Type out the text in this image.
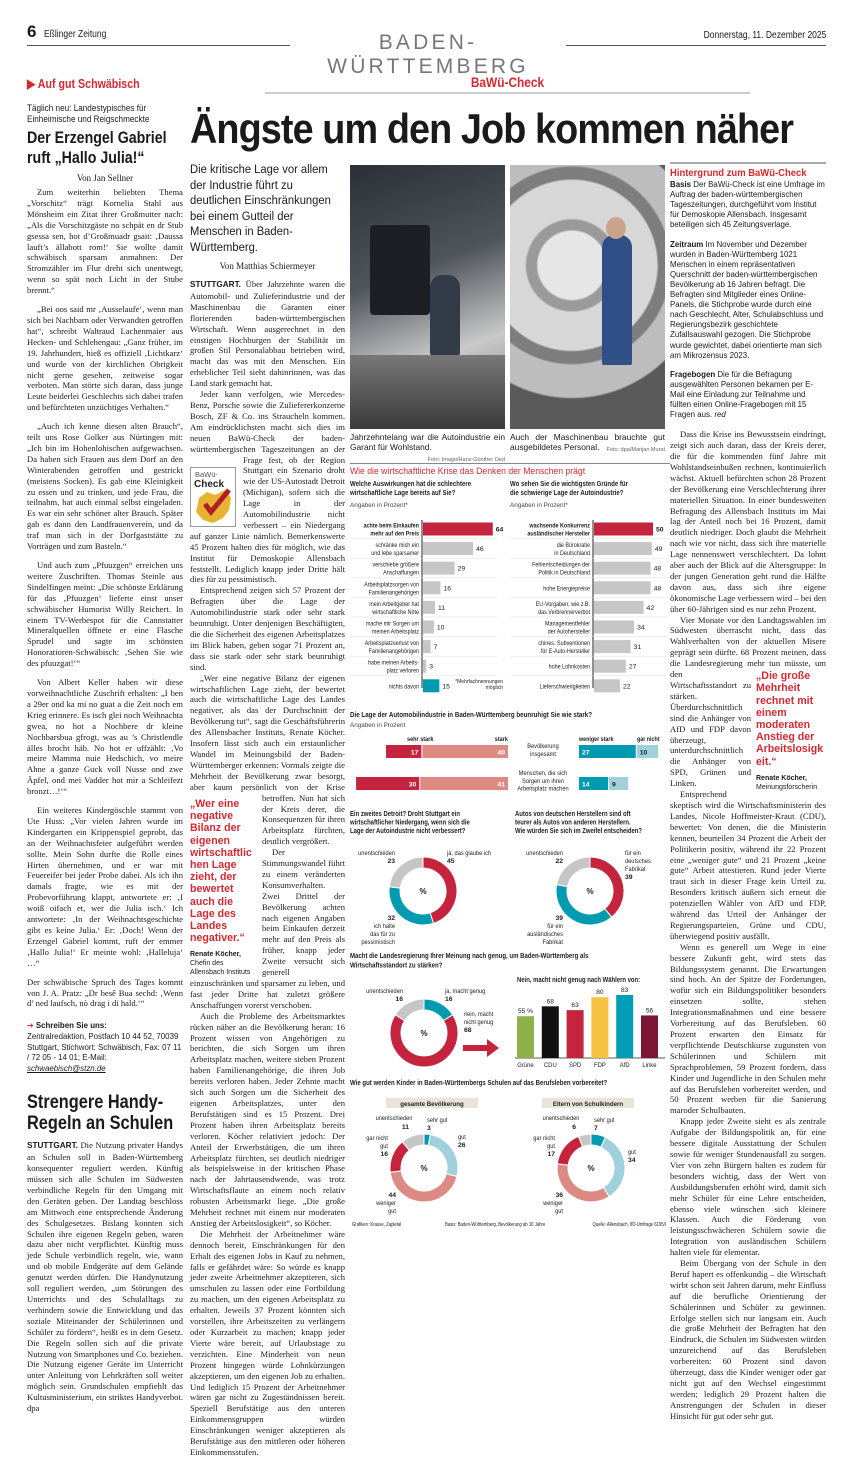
6 Eßlinger Zeitung	BADEN-WÜRTTEMBERG
Donnerstag, 11. Dezember 2025
▶ Auf gut Schwäbisch
Täglich neu: Landestypisches für Einheimische und Reigschmeckte
Der Erzengel Gabriel ruft „Hallo Julia!“
Von Jan Sellner

Zum weiterhin beliebten Thema „Vorschitz“ trägt Kornelia Stahl aus Mönsheim ein Zitat ihrer Großmutter nach: „Als die Vorschitzgäste no schpät en dr Stub gsessa sen, hot d’Großmuadr gsait: ‚Daussa lauft’s ällabott rom!‘ Sie wollte damit schwäbisch sparsam anmahnen: Der Stromzähler im Flur dreht sich unentwegt, wenn so spät noch Licht in der Stube brennt.“

„Bei oos said mr ‚Ausselaufe‘, wenn man sich bei Nachbarn oder Verwandten getroffen hat“, schreibt Waltraud Lachenmaier aus Hecken- und Schlehengau: „Ganz früher, im 19. Jahrhundert, hieß es offiziell ‚Lichtkarz‘ und wurde von der kirchlichen Obrigkeit nicht gerne gesehen, zeitweise sogar verboten. Man störte sich daran, dass junge Leute beiderlei Geschlechts sich dabei trafen und befürchteten unzüchtiges Verhalten.“

„Auch ich kenne diesen alten Brauch“, teilt uns Rose Golker aus Nürtingen mit: „Ich bin im Hohenlohischen aufgewachsen. Da haben sich Frauen aus dem Dorf an den Winterabenden getroffen und gestrickt (meistens Socken). Es gab eine Kleinigkeit zu essen und zu trinken, und jede Frau, die teilnahm, hat auch einmal selbst eingeladen. Es war ein sehr schöner alter Brauch. Später gab es dann den Landfrauenverein, und da traf man sich in der Dorfgaststätte zu Vorträgen und zum Basteln.“

Und auch zum „Pfuuzgen“ erreichen uns weitere Zuschriften. Thomas Steinle aus Sindelfingen meint: „Die schönste Erklärung für das ‚Pfuuzgen‘ lieferte einst unser schwäbischer Humorist Willy Reichert. In einem TV-Werbespot für die Cannstatter Mineralquellen öffnete er eine Flasche Sprudel und sagte im schönsten Honoratioren-Schwäbisch: ‚Sehen Sie wie des pfuuzgat!‘“

Von Albert Keller haben wir diese vorweihnachtliche Zuschrift erhalten: „I ben a 29er ond ka mi no guat a die Zeit noch em Krieg erinnere. Es isch glei noch Weihnachta gwea, no hot a Nochbere dr kleine Nochbarsbua gfrogt, was au ’s Christlendle älles brocht häb. No hot er uffzählt: ‚Vo meire Mamma nuie Hedschich, vo meire Ahne a ganze Guck voll Nusse ond zwe Äpfel, ond mei Vadder hot mir a Schleifezt bronzt…!‘“

Ein weiteres Kindergöschle stammt von Ute Huss: „Vor vielen Jahren wurde im Kindergarten ein Krippenspiel geprobt, das an der Weihnachtsfeier aufgeführt werden sollte. Mein Sohn durfte die Rolle eines Hirten übernehmen, und er war mit Feuereifer bei jeder Probe dabei. Als ich ihn damals fragte, wie es mit der Probevorführung klappt, antwortete er: ‚I woiß oifach et, wer die Julia isch.‘ Ich antwortete: ‚In der Weihnachtsgeschichte gibt es keine Julia.‘ Er: ‚Doch! Wenn der Erzengel Gabriel kommt, ruft der emmer ‚Hallo Julia!‘ Er meinte wohl: ‚Halleluja‘ …“

Der schwäbische Spruch des Tages kommt von J. A. Pratz: „Dr besê Bua sechd: ‚Wenn d’ ned laufsch, nò drag i di hald.‘“

➔ Schreiben Sie uns:
Zentralredaktion, Postfach 10 44 52, 70039 Stuttgart, Stichwort: Schwäbisch, Fax: 07 11 / 72 05 - 14 01; E-Mail: schwaebisch@stzn.de
Strengere Handy-Regeln an Schulen

STUTTGART. Die Nutzung privater Handys an Schulen soll in Baden-Württemberg konsequenter reguliert werden. Künftig müssen sich alle Schulen im Südwesten verbindliche Regeln für den Umgang mit den Geräten geben. Der Landtag beschloss am Mittwoch eine entsprechende Änderung des Schulgesetzes. Bislang konnten sich Schulen ihre eigenen Regeln geben, waren dazu aber nicht verpflichtet. Künftig muss jede Schule verbindlich regeln, wie, wann und ob mobile Endgeräte auf dem Gelände genutzt werden dürfen. Die Handynutzung soll reguliert werden, „um Störungen des Unterrichts und des Schulalltags zu verhindern sowie die Entwicklung und das soziale Miteinander der Schülerinnen und Schüler zu fördern“, heißt es in dem Gesetz. Die Regeln sollen sich auf die private Nutzung von Smartphones und Co. beziehen. Die Nutzung eigener Geräte im Unterricht unter Anleitung von Lehrkräften soll weiter möglich sein. Grundschulen empfiehlt das Kultusministerium, ein striktes Handyverbot. dpa

BaWü-Check
Ängste um den Job kommen näher
Die kritische Lage vor allem der Industrie führt zu deutlichen Einschränkungen bei einem Gutteil der Menschen in Baden-Württemberg.
Von Matthias Schiermeyer
BaWü-
Check
„Wer eine negative Bilanz der eigenen wirtschaftlichen Lage zieht, der bewertet auch die Lage des Landes negativer.“
Renate Köcher,
Chefin des Allensbach Instituts

STUTTGART. Über Jahrzehnte waren die Automobil- und Zulieferindustrie und der Maschinenbau die Garanten einer florierenden baden-württembergischen Wirtschaft. Wenn ausgerechnet in den einstigen Hochburgen der Stabilität im großen Stil Personalabbau betrieben wird, macht das was mit den Menschen. Ein erheblicher Teil sieht dahinrinnen, was das Land stark gemacht hat.

Jeder kann verfolgen, wie Mercedes-Benz, Porsche sowie die Zuliefererkonzerne Bosch, ZF & Co. ins Straucheln kommen. Am eindrücklichsten macht sich dies im neuen BaWü-Check der baden-württembergischen Tageszeitungen an der Frage fest, ob der Region Stuttgart ein Szenario droht wie der US-Autostadt Detroit (Michigan), sofern sich die Lage in der Automobilindustrie nicht verbessert – ein Niedergang auf ganzer Linie nämlich. Bemerkenswerte 45 Prozent halten dies für möglich, wie das Institut für Demoskopie Allensbach feststellt. Lediglich knapp jeder Dritte hält dies für zu pessimistisch.

Entsprechend zeigen sich 57 Prozent der Befragten über die Lage der Automobilindustrie stark oder sehr stark beunruhigt. Unter denjenigen Beschäftigten, die die Sicherheit des eigenen Arbeitsplatzes im Blick haben, geben sogar 71 Prozent an, dass sie stark oder sehr stark beunruhigt sind.

„Wer eine negative Bilanz der eigenen wirtschaftlichen Lage zieht, der bewertet auch die wirtschaftliche Lage des Landes negativer, als das der Durchschnitt der Bevölkerung tut“, sagt die Geschäftsführerin des Allensbacher Instituts, Renate Köcher. Insofern lässt sich auch ein erstaunlicher Wandel im Meinungsbild der Baden-Württemberger erkennen: Vormals zeigte die Mehrheit der Bevölkerung zwar besorgt, aber kaum persönlich von der Krise betroffen. Nun hat sich der Kreis derer, die Konsequenzen für ihren Arbeitsplatz fürchten, deutlich vergrößert.

Der Stimmungswandel führt zu einem veränderten Konsumverhalten. Zwei Drittel der Bevölkerung achten nach eigenen Angaben beim Einkaufen derzeit mehr auf den Preis als früher, knapp jeder Zweite versucht sich generell einzuschränken und sparsamer zu leben, und fast jeder Dritte hat zuletzt größere Anschaffungen vorerst verschoben.

Auch die Probleme des Arbeitsmarktes rücken näher an die Bevölkerung heran: 16 Prozent wissen von Angehörigen zu berichten, die sich Sorgen um ihren Arbeitsplatz machen, weitere sieben Prozent haben Familienangehörige, die ihren Job bereits verloren haben. Jeder Zehnte macht sich auch Sorgen um die Sicherheit des eigenen Arbeitsplatzes, unter den Berufstätigen sind es 15 Prozent. Drei Prozent haben ihren Arbeitsplatz bereits verloren. Köcher relativiert jedoch: Der Anteil der Erwerbstätigen, die um ihren Arbeitsplatz fürchten, sei deutlich niedriger als beispielsweise in der kritischen Phase nach der Jahrtausendwende, was trotz Wirtschaftsflaute an einem noch relativ robusten Arbeitsmarkt liege. „Die große Mehrheit rechnet mit einem nur moderaten Anstieg der Arbeitslosigkeit“, so Köcher.

Die Mehrheit der Arbeitnehmer wäre dennoch bereit, Einschränkungen für den Erhalt des eigenen Jobs in Kauf zu nehmen, falls er gefährdet wäre: So würde es knapp jeder zweite Arbeitnehmer akzeptieren, sich umschulen zu lassen oder eine Fortbildung zu machen, um den eigenen Arbeitsplatz zu erhalten. Jeweils 37 Prozent könnten sich vorstellen, ihre Arbeitszeiten zu verlängern oder Kurzarbeit zu machen; knapp jeder Vierte wäre bereit, auf Urlaubstage zu verzichten. Eine Minderheit von neun Prozent hingegen würde Lohnkürzungen akzeptieren, um den eigenen Job zu erhalten. Und lediglich 15 Prozent der Arbeitnehmer wären gar nicht zu Zugeständnissen bereit. Speziell Berufstätige aus den unteren Einkommensgruppen würden Einschränkungen weniger akzeptieren als Berufstätige aus den mittleren oder höheren Einkommensstufen.

Jahrzehntelang war die Autoindustrie ein Garant für Wohlstand.
Foto: Imago/Hans-Günther Oed
Auch der Maschinenbau brauchte gut ausgebildetes Personal. Foto: dpa/Marijan Murat
Hintergrund zum BaWü-Check

Basis Der BaWü-Check ist eine Umfrage im Auftrag der baden-württembergischen Tageszeitungen, durchgeführt vom Institut für Demoskopie Allensbach. Insgesamt beteiligen sich 45 Zeitungsverlage.

Zeitraum Im November und Dezember wurden in Baden-Württemberg 1021 Menschen in einem repräsentativen Querschnitt der baden-württembergischen Bevölkerung ab 16 Jahren befragt. Die Befragten sind Mitglieder eines Online-Panels, die Stichprobe wurde durch eine nach Geschlecht, Alter, Schulabschluss und Regierungsbezirk geschichtete Zufallsauswahl gezogen. Die Stichprobe wurde gewichtet, dabei orientierte man sich am Mikrozensus 2023.

Fragebogen Die für die Befragung ausgewählten Personen bekamen per E-Mail eine Einladung zur Teilnahme und füllten einen Online-Fragebogen mit 15 Fragen aus. red

„Die große Mehrheit rechnet mit einem moderaten Anstieg der Arbeitslosigkeit.“
Renate Köcher,
Meinungsforscherin

Dass die Krise ins Bewusstsein eindringt, zeigt sich auch daran, dass der Kreis derer, die für die kommenden fünf Jahre mit Wohlstandseinbußen rechnen, kontinuierlich wächst. Aktuell befürchten schon 28 Prozent der Bevölkerung eine Verschlechterung ihrer materiellen Situation. In einer bundesweiten Befragung des Allensbach Instituts im Mai lag der Anteil noch bei 16 Prozent, damit deutlich niedriger. Doch glaubt die Mehrheit nach wie vor nicht, dass sich ihre materielle Lage nennenswert verschlechtert. Da lohnt aber auch der Blick auf die Altersgruppe: In der jungen Generation geht rund die Hälfte davon aus, dass sich ihre eigene ökonomische Lage verbessern wird – bei den über 60-Jährigen sind es nur zehn Prozent.

Vier Monate vor den Landtagswahlen im Südwesten überrascht nicht, dass das Wahlverhalten von der aktuellen Misere geprägt sein dürfte. 68 Prozent meinen, dass die Landesregierung mehr tun müsste, um den Wirtschaftsstandort zu stärken. Überdurchschnittlich sind die Anhänger von AfD und FDP davon überzeugt, unterdurchschnittlich die Anhänger von SPD, Grünen und Linken.

Entsprechend skeptisch wird die Wirtschaftsministerin des Landes, Nicole Hoffmeister-Kraut (CDU), bewertet: Von denen, die die Ministerin kennen, beurteilen 34 Prozent die Arbeit der Politikerin positiv, während ihr 22 Prozent eine „weniger gute“ und 21 Prozent „keine gute“ Arbeit attestieren. Rund jeder Vierte traut sich in dieser Frage kein Urteil zu. Besonders kritisch äußern sich erneut die potenziellen Wähler von AfD und FDP, während das Urteil der Anhänger der Regierungsparteien, Grüne und CDU, überwiegend positiv ausfällt.

Wenn es generell um Wege in eine bessere Zukunft geht, wird stets das Bildungssystem genannt. Die Erwartungen sind hoch. An der Spitze der Forderungen, wofür sich ein Bildungspolitiker besonders einsetzen sollte, stehen Integrationsmaßnahmen und eine bessere Vorbereitung auf das Berufsleben. 60 Prozent erwarten den Einsatz für verpflichtende Deutschkurse zugunsten von Schülerinnen und Schülern mit Sprachproblemen, 59 Prozent fordern, dass Kinder und Jugendliche in den Schulen mehr auf das Berufsleben vorbereitet werden, und 50 Prozent werben für die Sanierung maroder Schulbauten.

Knapp jeder Zweite sieht es als zentrale Aufgabe der Bildungspolitik an, für eine bessere digitale Ausstattung der Schulen sowie für weniger Stundenausfall zu sorgen. Vier von zehn Bürgern halten es zudem für besonders wichtig, dass der Wert von Ausbildungsberufen erhöht wird, damit sich mehr Schüler für eine Lehre entscheiden, ebenso viele wünschen sich kleinere Klassen. Auch die Förderung von leistungsschwächeren Schülern sowie die Integration von ausländischen Schülern halten viele für elementar.

Beim Übergang von der Schule in den Beruf hapert es offenkundig – die Wirtschaft wirbt schon seit Jahren darum, mehr Einfluss auf die berufliche Orientierung der Schülerinnen und Schüler zu gewinnen. Erfolge stellen sich nur langsam ein. Auch die große Mehrheit der Befragten hat den Eindruck, die Schulen im Südwesten würden unzureichend auf das Berufsleben vorbereiten: 60 Prozent sind davon überzeugt, dass die Kinder weniger oder gar nicht gut auf den Wechsel eingestimmt werden; lediglich 29 Prozent halten die Anstrengungen der Schulen in dieser Hinsicht für gut oder sehr gut.

Wie die wirtschaftliche Krise das Denken der Menschen prägt
Welche Auswirkungen hat die schlechtere wirtschaftliche Lage bereits auf Sie?
Angaben in Prozent*
achte beim Einkaufen mehr auf den Preis
64
schränke mich ein und lebe sparsamer
46
verschiebe größere Anschaffungen
29
Arbeitsplatzsorgen von Familienangehörigen
16
mein Arbeitgeber hat wirtschaftliche Nöte
11
mache mir Sorgen um meinen Arbeitsplatz
10
Arbeitsplatzverlust von Familienangehörigen
7
habe meinen Arbeits-platz verloren
3
nichts davon	15
*Mehrfachnennungen möglich
Wo sehen Sie die wichtigsten Gründe für die schwierige Lage der Autoindustrie?
Angaben in Prozent*
wachsende Konkurrenz ausländischer Hersteller
50
die Bürokratie in Deutschland
49
Fehlentscheidungen der Politik in Deutschland
48
hohe Energiepreise	48
EU-Vorgaben, wie z.B. das Verbrennerverbot
42
Managementfehler der Autohersteller
34
chines. Subventionen für E-Auto-Hersteller
31
hohe Lohnkosten	27
Lieferschwierigkeiten	22
Die Lage der Automobilindustrie in Baden-Württemberg beunruhigt Sie wie stark?
Angaben in Prozent
sehr stark	stark	weniger stark	gar nicht
17	40	27	10
Bevölkerung insgesamt
30	41	14	9
Menschen, die sich Sorgen um ihren Arbeitsplatz machen
Ein zweites Detroit? Droht Stuttgart ein wirtschaftlicher Niedergang, wenn sich die Lage der Autoindustrie nicht verbessert?
%
ja, das glaube ich
45
32
ich halte das für zu pessimistisch
unentschieden
23
Autos von deutschen Herstellern sind oft teurer als Autos von anderen Herstellern. Wie würden Sie sich im Zweifel entscheiden?
%
für ein deutsches Fabrikat
39
39
für ein ausländisches Fabrikat
unentschieden
22
Macht die Landesregierung Ihrer Meinung nach genug, um Baden-Württemberg als Wirtschaftsstandort zu stärken?
%
ja, macht genug
16
nein, macht nicht genug
68
unentschieden
16
Nein, macht nicht genug nach Wählern von:
55 %
Grüne
68
CDU
63
SPD
80
FDP
83
AfD
56
Linke
Wie gut werden Kinder in Baden-Württembergs Schulen auf das Berufsleben vorbereitet?
gesamte Bevölkerung
%
sehr gut
3
gut
26
44
weniger gut
gar nicht gut
16
unentschieden
11
Eltern von Schulkindern
%
sehr gut
7
gut
34
36
weniger gut
gar nicht gut
17
unentschieden
6
Grafiken: Krause, Zapletal	Basis: Baden-Württemberg, Bevölkerung ab 16 Jahre	Quelle: Allensbach, IfD-Umfrage 6195/I
